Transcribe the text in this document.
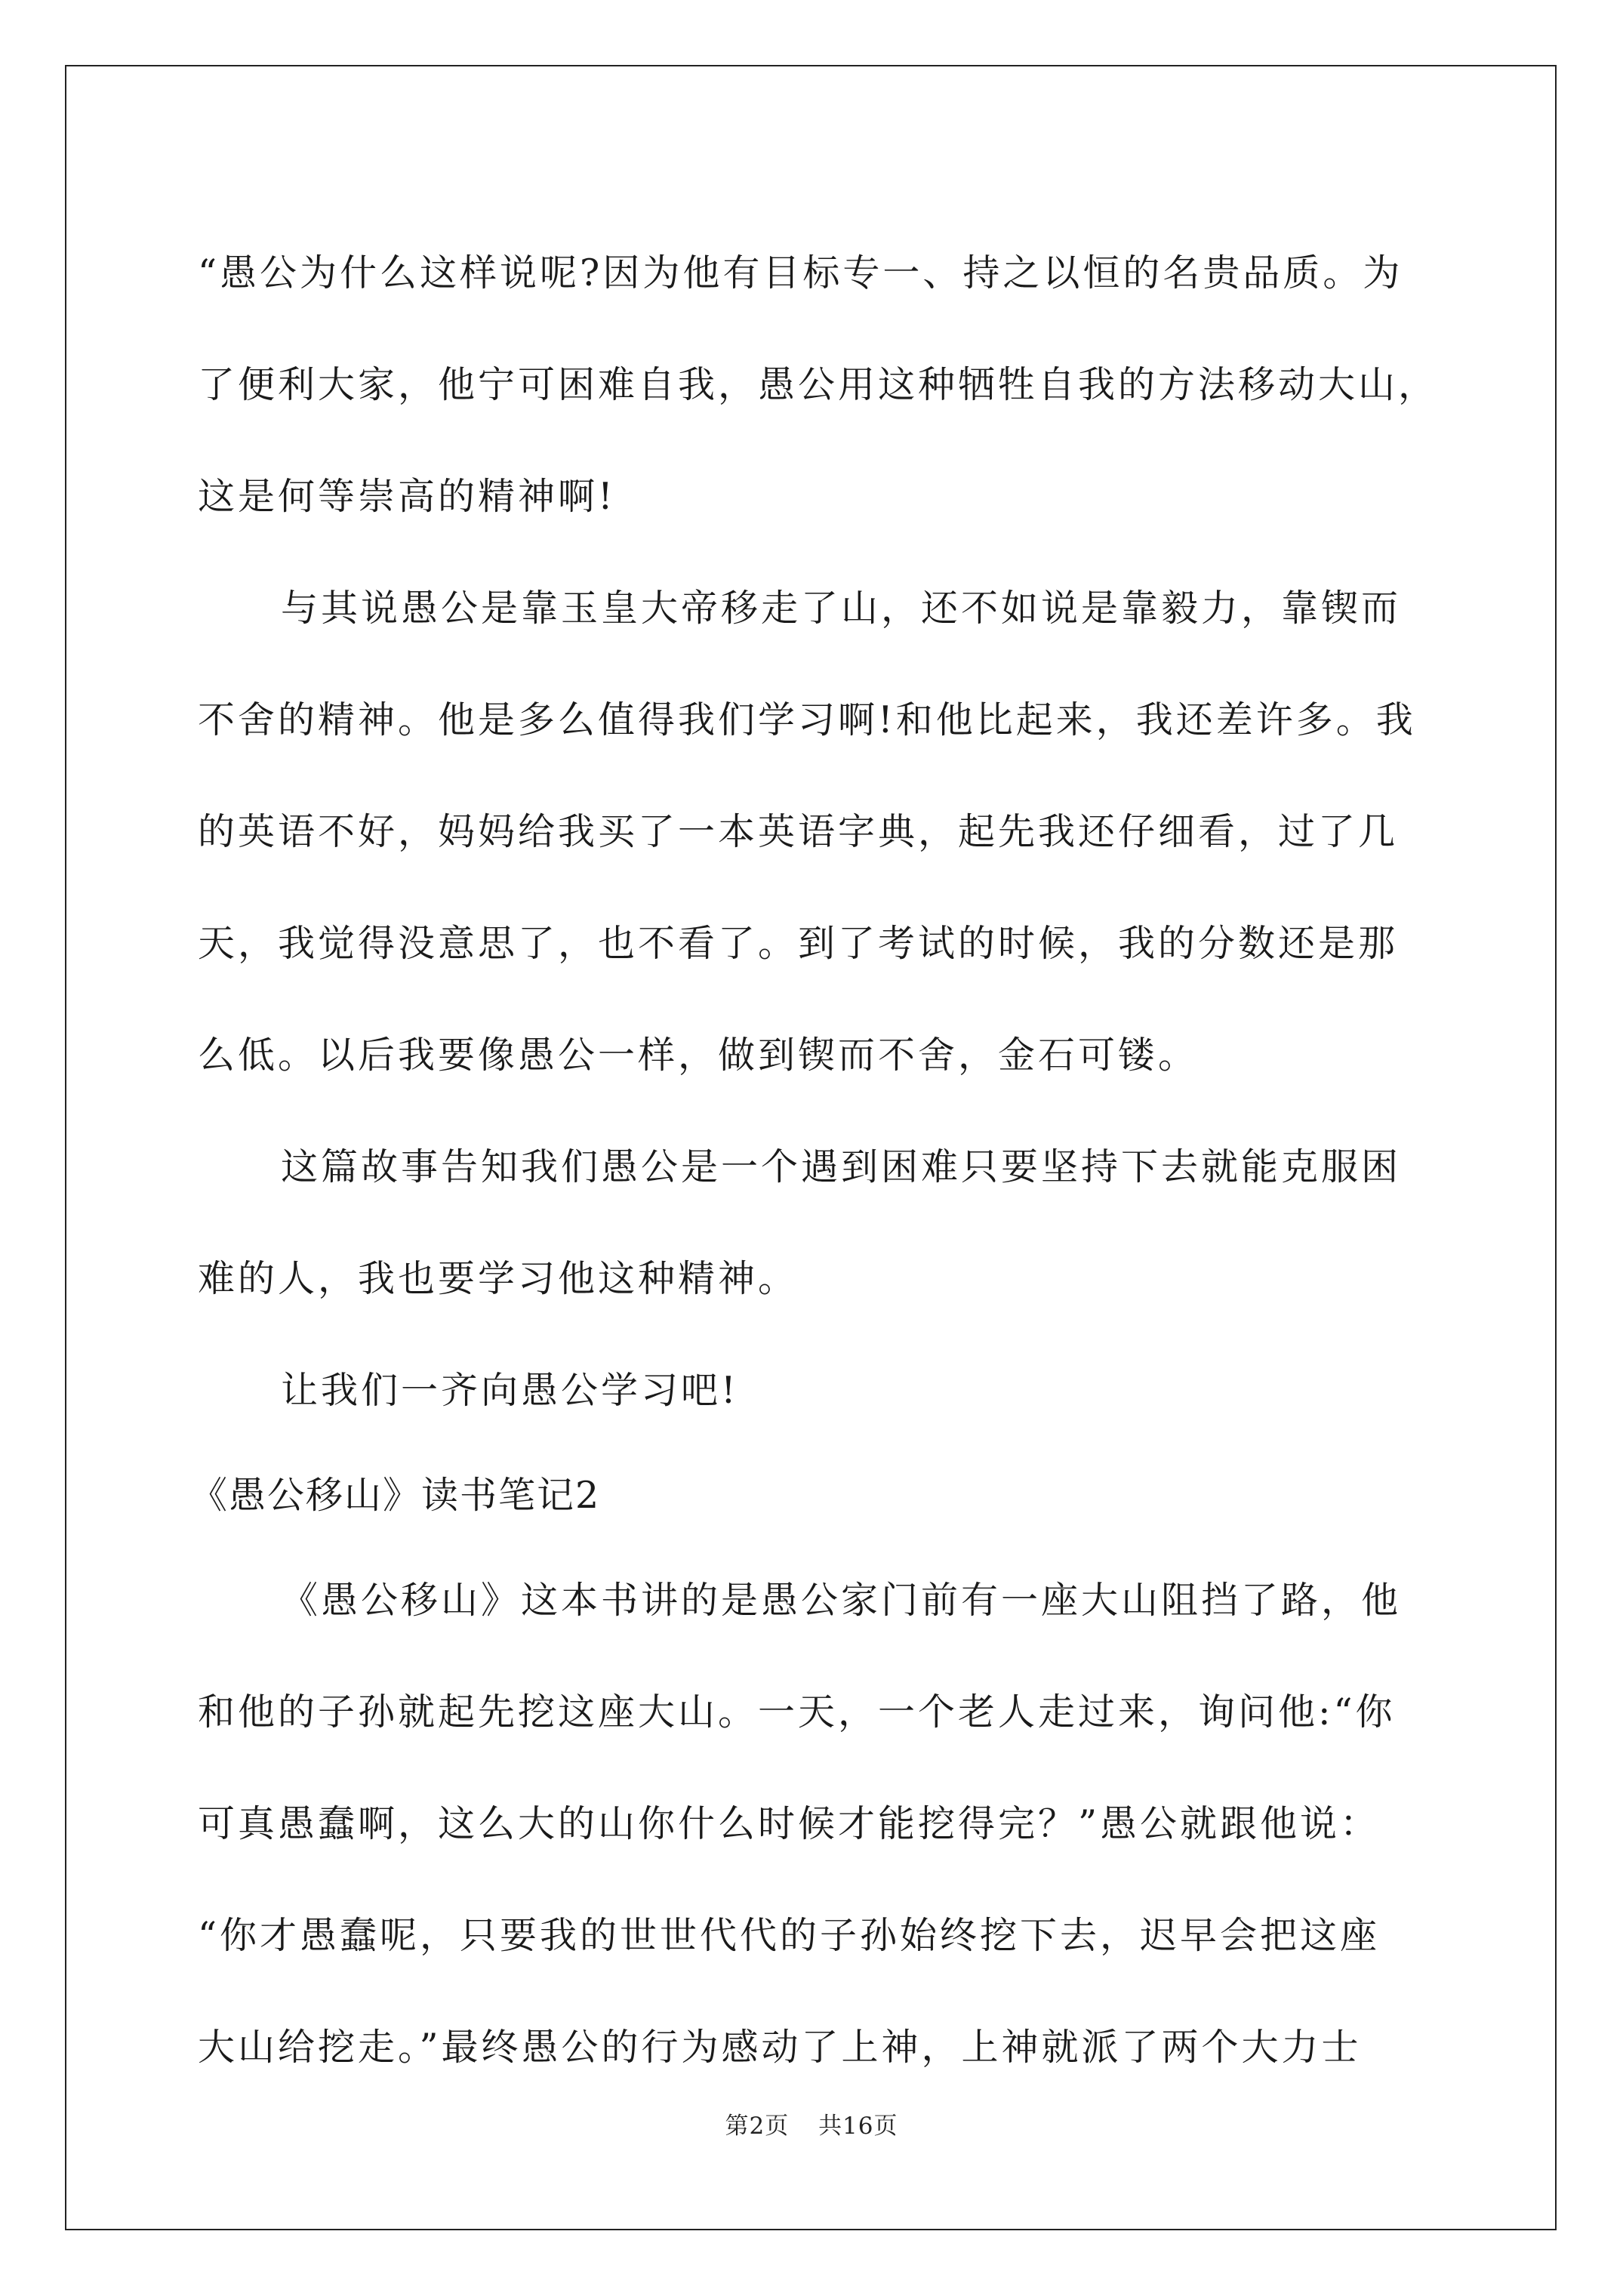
“愚公为什么这样说呢?因为他有目标专一、持之以恒的名贵品质。为
了便利大家，他宁可困难自我，愚公用这种牺牲自我的方法移动大山，
这是何等崇高的精神啊!
与其说愚公是靠玉皇大帝移走了山，还不如说是靠毅力，靠锲而
不舍的精神。他是多么值得我们学习啊!和他比起来，我还差许多。我
的英语不好，妈妈给我买了一本英语字典，起先我还仔细看，过了几
天，我觉得没意思了，也不看了。到了考试的时候，我的分数还是那
么低。以后我要像愚公一样，做到锲而不舍，金石可镂。
这篇故事告知我们愚公是一个遇到困难只要坚持下去就能克服困
难的人，我也要学习他这种精神。
让我们一齐向愚公学习吧!
《愚公移山》读书笔记2
《愚公移山》这本书讲的是愚公家门前有一座大山阻挡了路，他
和他的子孙就起先挖这座大山。一天，一个老人走过来，询问他:“你
可真愚蠢啊，这么大的山你什么时候才能挖得完？”愚公就跟他说：
“你才愚蠢呢，只要我的世世代代的子孙始终挖下去，迟早会把这座
大山给挖走。”最终愚公的行为感动了上神，上神就派了两个大力士
第2页 共16页
